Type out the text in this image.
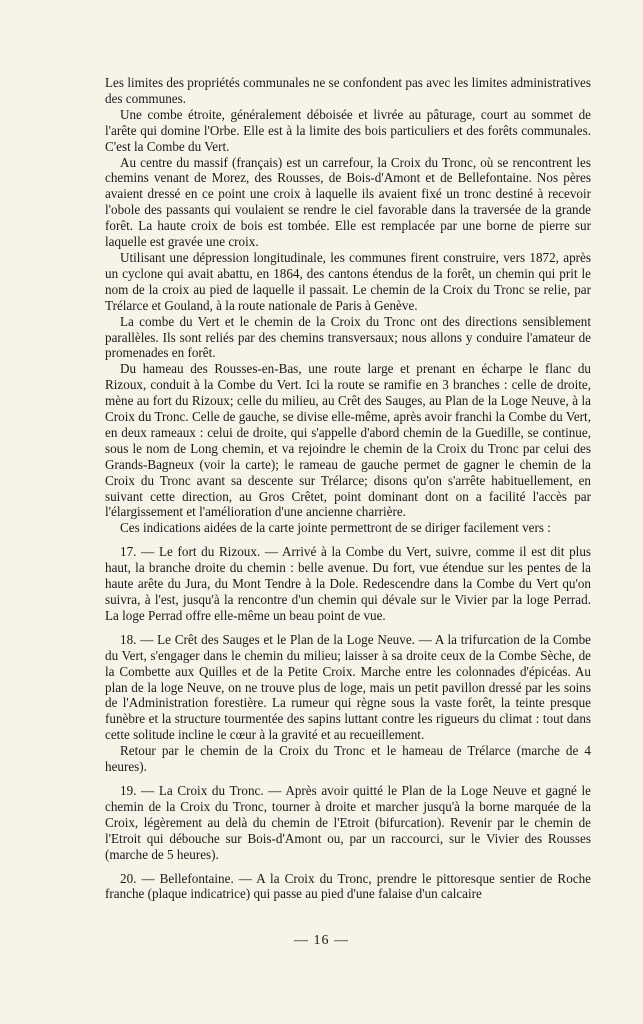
Les limites des propriétés communales ne se confondent pas avec les limites administratives des communes.

Une combe étroite, généralement déboisée et livrée au pâturage, court au sommet de l'arête qui domine l'Orbe. Elle est à la limite des bois particuliers et des forêts communales. C'est la Combe du Vert.

Au centre du massif (français) est un carrefour, la Croix du Tronc, où se rencontrent les chemins venant de Morez, des Rousses, de Bois-d'Amont et de Bellefontaine. Nos pères avaient dressé en ce point une croix à laquelle ils avaient fixé un tronc destiné à recevoir l'obole des passants qui voulaient se rendre le ciel favorable dans la traversée de la grande forêt. La haute croix de bois est tombée. Elle est remplacée par une borne de pierre sur laquelle est gravée une croix.

Utilisant une dépression longitudinale, les communes firent construire, vers 1872, après un cyclone qui avait abattu, en 1864, des cantons étendus de la forêt, un chemin qui prit le nom de la croix au pied de laquelle il passait. Le chemin de la Croix du Tronc se relie, par Trélarce et Gouland, à la route nationale de Paris à Genève.

La combe du Vert et le chemin de la Croix du Tronc ont des directions sensiblement parallèles. Ils sont reliés par des chemins transversaux; nous allons y conduire l'amateur de promenades en forêt.

Du hameau des Rousses-en-Bas, une route large et prenant en écharpe le flanc du Rizoux, conduit à la Combe du Vert. Ici la route se ramifie en 3 branches : celle de droite, mène au fort du Rizoux; celle du milieu, au Crêt des Sauges, au Plan de la Loge Neuve, à la Croix du Tronc. Celle de gauche, se divise elle-même, après avoir franchi la Combe du Vert, en deux rameaux : celui de droite, qui s'appelle d'abord chemin de la Guedille, se continue, sous le nom de Long chemin, et va rejoindre le chemin de la Croix du Tronc par celui des Grands-Bagneux (voir la carte); le rameau de gauche permet de gagner le chemin de la Croix du Tronc avant sa descente sur Trélarce; disons qu'on s'arrête habituellement, en suivant cette direction, au Gros Crêtet, point dominant dont on a facilité l'accès par l'élargissement et l'amélioration d'une ancienne charrière.

Ces indications aidées de la carte jointe permettront de se diriger facilement vers :

17. — Le fort du Rizoux. — Arrivé à la Combe du Vert, suivre, comme il est dit plus haut, la branche droite du chemin : belle avenue. Du fort, vue étendue sur les pentes de la haute arête du Jura, du Mont Tendre à la Dole. Redescendre dans la Combe du Vert qu'on suivra, à l'est, jusqu'à la rencontre d'un chemin qui dévale sur le Vivier par la loge Perrad. La loge Perrad offre elle-même un beau point de vue.

18. — Le Crêt des Sauges et le Plan de la Loge Neuve. — A la trifurcation de la Combe du Vert, s'engager dans le chemin du milieu; laisser à sa droite ceux de la Combe Sèche, de la Combette aux Quilles et de la Petite Croix. Marche entre les colonnades d'épicéas. Au plan de la loge Neuve, on ne trouve plus de loge, mais un petit pavillon dressé par les soins de l'Administration forestière. La rumeur qui règne sous la vaste forêt, la teinte presque funèbre et la structure tourmentée des sapins luttant contre les rigueurs du climat : tout dans cette solitude incline le cœur à la gravité et au recueillement.

Retour par le chemin de la Croix du Tronc et le hameau de Trélarce (marche de 4 heures).

19. — La Croix du Tronc. — Après avoir quitté le Plan de la Loge Neuve et gagné le chemin de la Croix du Tronc, tourner à droite et marcher jusqu'à la borne marquée de la Croix, légèrement au delà du chemin de l'Etroit (bifurcation). Revenir par le chemin de l'Etroit qui débouche sur Bois-d'Amont ou, par un raccourci, sur le Vivier des Rousses (marche de 5 heures).

20. — Bellefontaine. — A la Croix du Tronc, prendre le pittoresque sentier de Roche franche (plaque indicatrice) qui passe au pied d'une falaise d'un calcaire

— 16 —
